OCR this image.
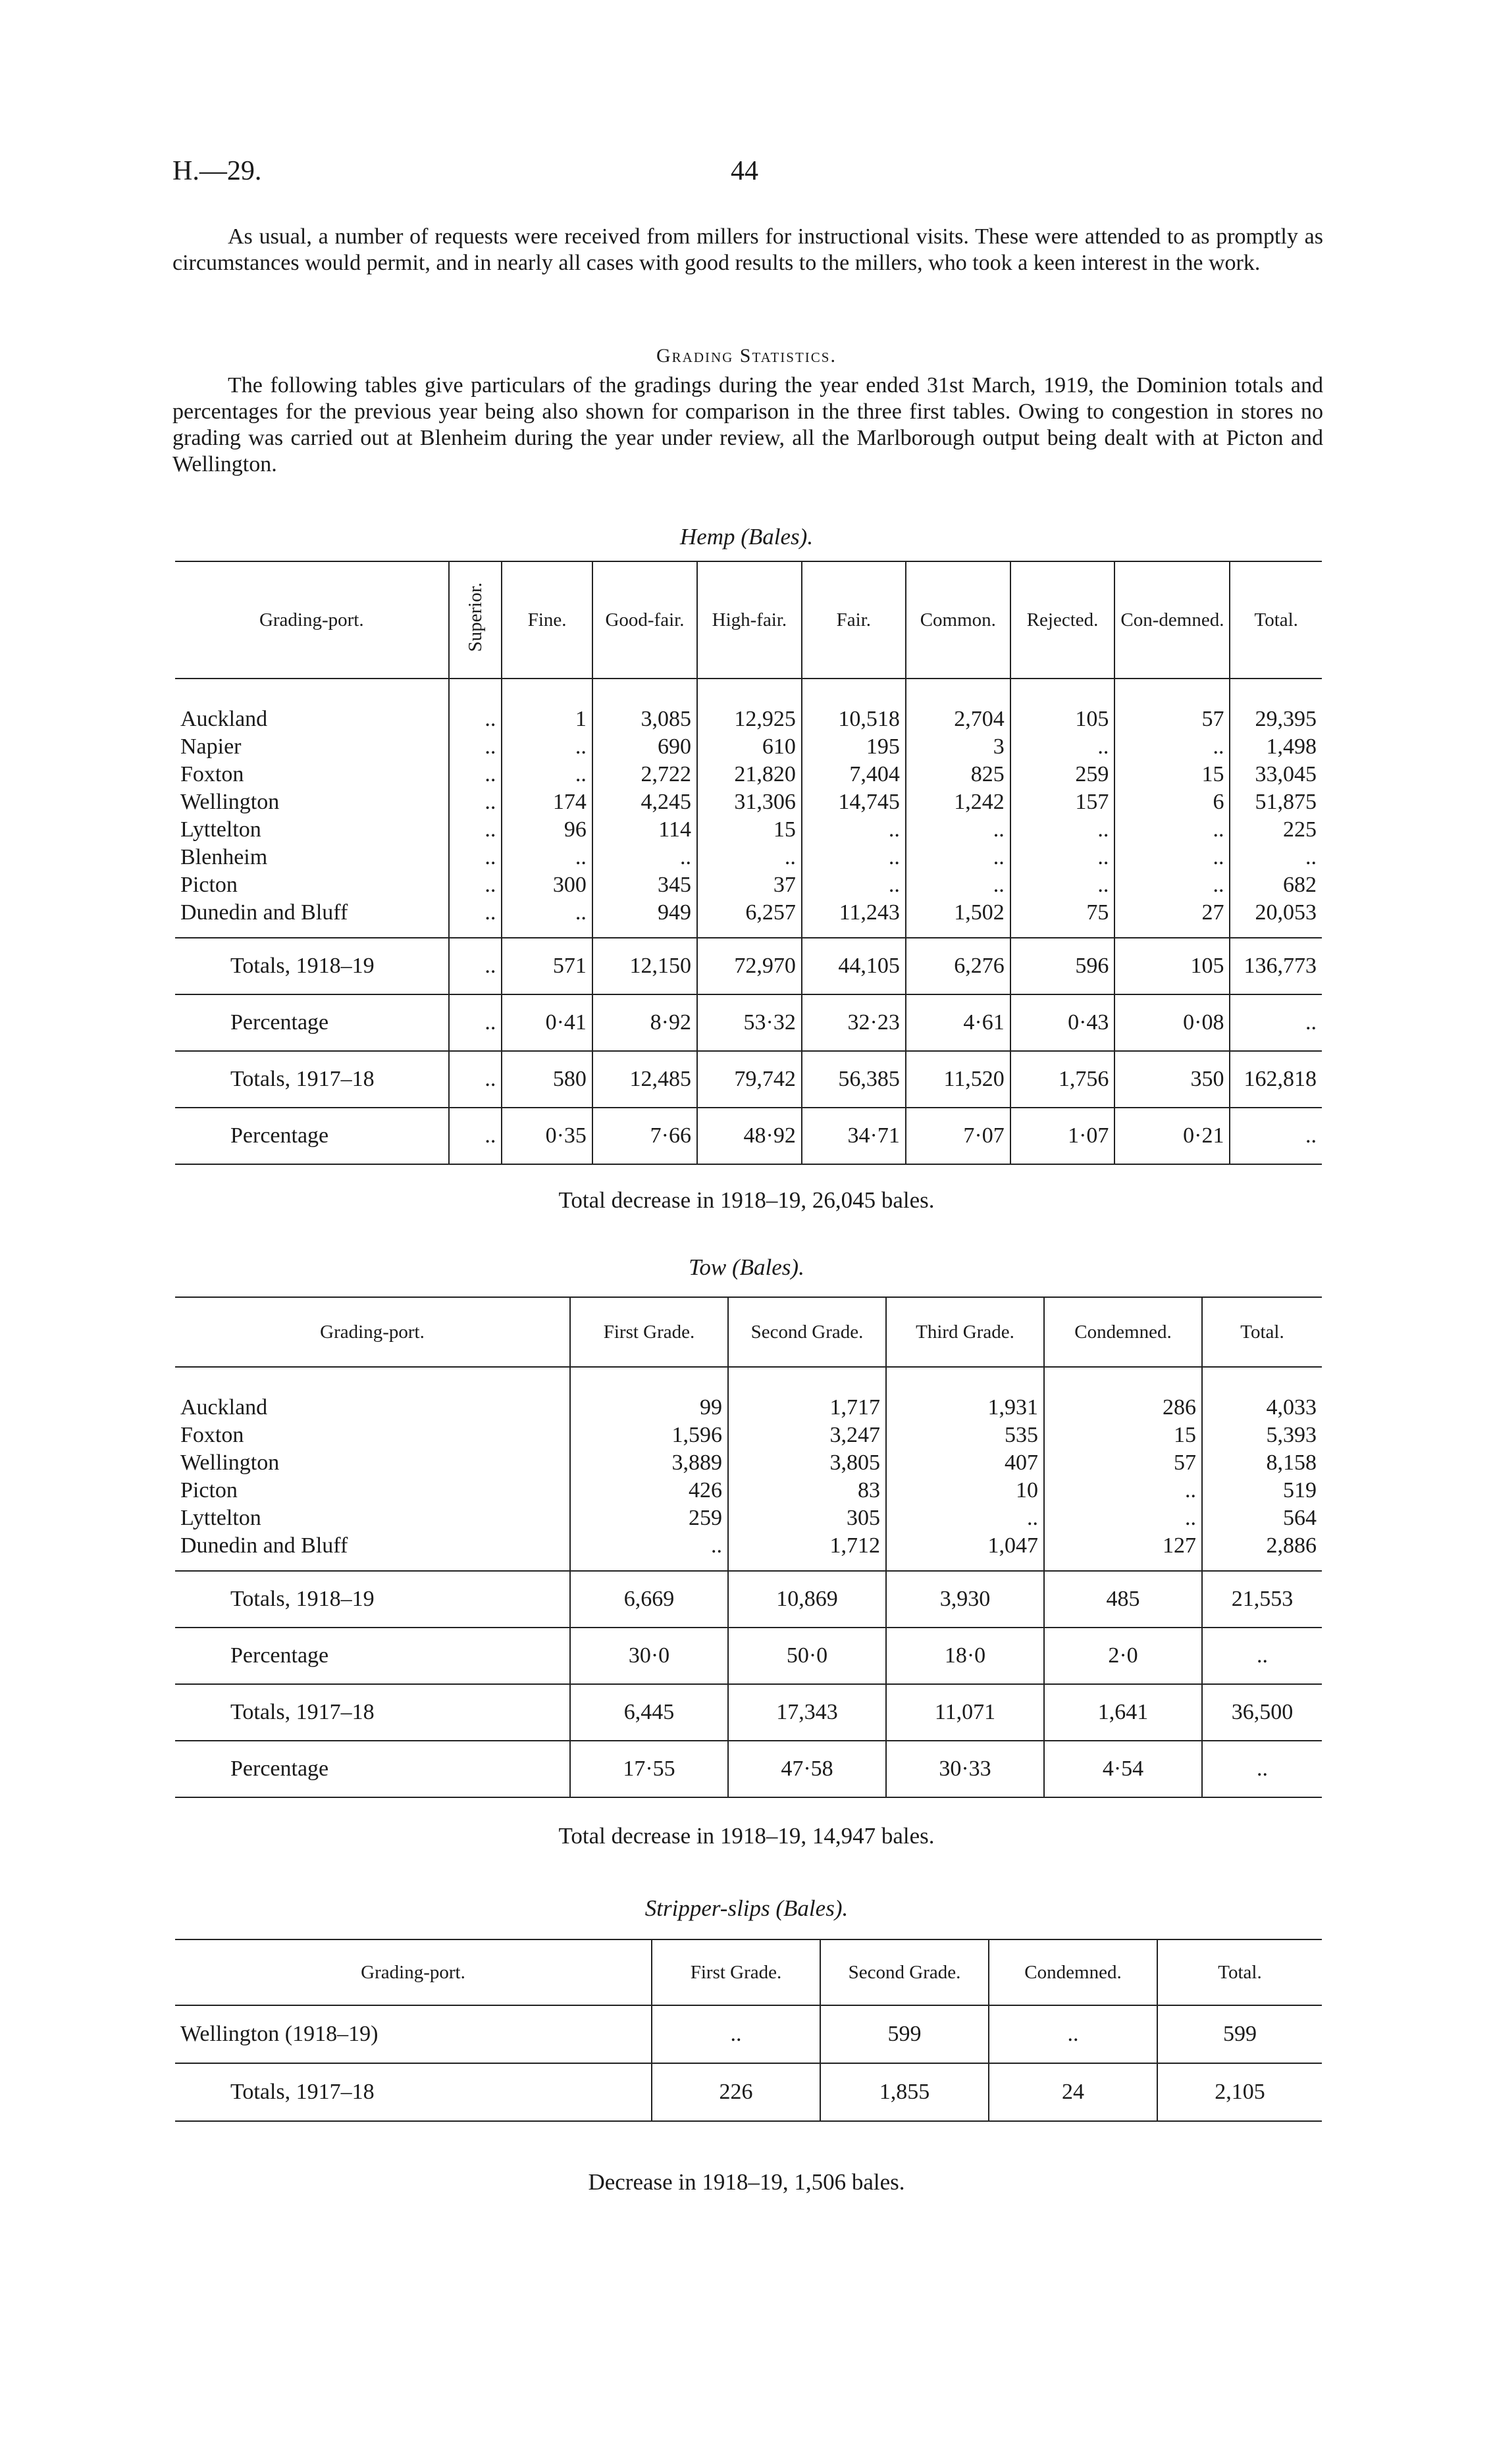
H.—29.	44

As usual, a number of requests were received from millers for instructional visits. These were attended to as promptly as circumstances would permit, and in nearly all cases with good results to the millers, who took a keen interest in the work.

Grading Statistics.

The following tables give particulars of the gradings during the year ended 31st March, 1919, the Dominion totals and percentages for the previous year being also shown for comparison in the three first tables. Owing to congestion in stores no grading was carried out at Blenheim during the year under review, all the Marlborough output being dealt with at Picton and Wellington.

Hemp (Bales).
Grading-port.	Superior.	Fine.	Good-fair.	High-fair.	Fair.	Common.	Rejected.	Con-demned.	Total.
Auckland	..	1	3,085	12,925	10,518	2,704	105	57	29,395
Napier	..	..	690	610	195	3	..	..	1,498
Foxton	..	..	2,722	21,820	7,404	825	259	15	33,045
Wellington	..	174	4,245	31,306	14,745	1,242	157	6	51,875
Lyttelton	..	96	114	15	..	..	..	..	225
Blenheim	..	..	..	..	..	..	..	..	..
Picton	..	300	345	37	..	..	..	..	682
Dunedin and Bluff	..	..	949	6,257	11,243	1,502	75	27	20,053
Totals, 1918–19	..	571	12,150	72,970	44,105	6,276	596	105	136,773
Percentage	..	0·41	8·92	53·32	32·23	4·61	0·43	0·08	..
Totals, 1917–18	..	580	12,485	79,742	56,385	11,520	1,756	350	162,818
Percentage	..	0·35	7·66	48·92	34·71	7·07	1·07	0·21	..
Total decrease in 1918–19, 26,045 bales.
Tow (Bales).
Grading-port.	First Grade.	Second Grade.	Third Grade.	Condemned.	Total.
Auckland	99	1,717	1,931	286	4,033
Foxton	1,596	3,247	535	15	5,393
Wellington	3,889	3,805	407	57	8,158
Picton	426	83	10	..	519
Lyttelton	259	305	..	..	564
Dunedin and Bluff	..	1,712	1,047	127	2,886
Totals, 1918–19	6,669	10,869	3,930	485	21,553
Percentage	30·0	50·0	18·0	2·0	..
Totals, 1917–18	6,445	17,343	11,071	1,641	36,500
Percentage	17·55	47·58	30·33	4·54	..
Total decrease in 1918–19, 14,947 bales.
Stripper-slips (Bales).
Grading-port.	First Grade.	Second Grade.	Condemned.	Total.
Wellington (1918–19)	..	599	..	599
Totals, 1917–18	226	1,855	24	2,105
Decrease in 1918–19, 1,506 bales.
